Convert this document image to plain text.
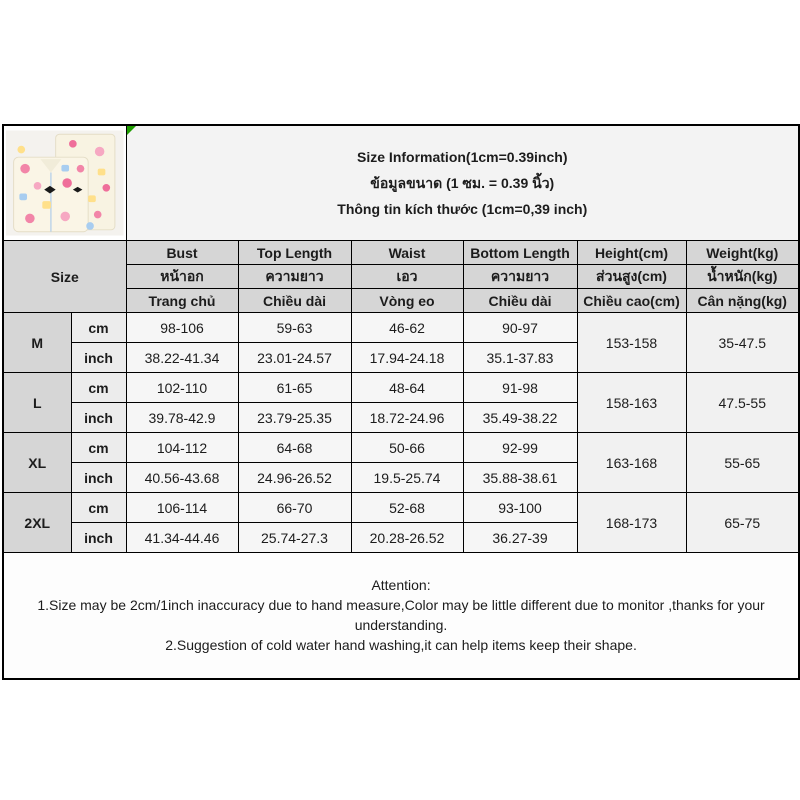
Size Information(1cm=0.39inch)
ข้อมูลขนาด (1 ซม. = 0.39 นิ้ว)
Thông tin kích thước (1cm=0,39 inch)					

Size		Bust	Top Length	Waist	Bottom Length	Height(cm)	Weight(kg)
		หน้าอก	ความยาว	เอว	ความยาว	ส่วนสูง(cm)	น้ำหนัก(kg)
		Trang chủ	Chiều dài	Vòng eo	Chiều dài	Chiều cao(cm)	Cân nặng(kg)
M	cm	98-106	59-63	46-62	90-97	153-158	35-47.5
	inch	38.22-41.34	23.01-24.57	17.94-24.18	35.1-37.83		
L	cm	102-110	61-65	48-64	91-98	158-163	47.5-55
	inch	39.78-42.9	23.79-25.35	18.72-24.96	35.49-38.22		
XL	cm	104-112	64-68	50-66	92-99	163-168	55-65
	inch	40.56-43.68	24.96-26.52	19.5-25.74	35.88-38.61		
2XL	cm	106-114	66-70	52-68	93-100	168-173	65-75
	inch	41.34-44.46	25.74-27.3	20.28-26.52	36.27-39		

Attention:
1.Size may be 2cm/1inch inaccuracy due to hand measure,Color may be little different due to monitor ,thanks for your understanding.
2.Suggestion of cold water hand washing,it can help items keep their shape.							
